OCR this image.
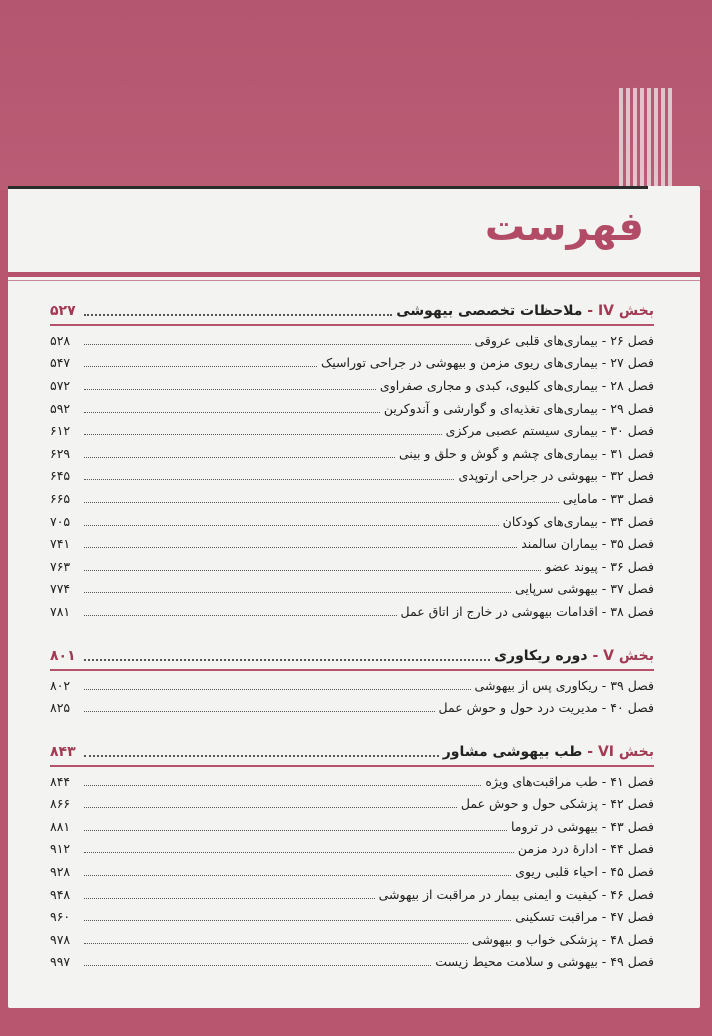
فهرست
بخش IV - ملاحظات تخصصی بیهوشی
۵۲۷
فصل ۲۶ - بیماری‌های قلبی عروقی
۵۲۸
فصل ۲۷ - بیماری‌های ریوی مزمن و بیهوشی در جراحی توراسیک
۵۴۷
فصل ۲۸ - بیماری‌های کلیوی، کبدی و مجاری صفراوی
۵۷۲
فصل ۲۹ - بیماری‌های تغذیه‌ای و گوارشی و آندوکرین
۵۹۲
فصل ۳۰ - بیماری سیستم عصبی مرکزی
۶۱۲
فصل ۳۱ - بیماری‌های چشم و گوش و حلق و بینی
۶۲۹
فصل ۳۲ - بیهوشی در جراحی ارتوپدی
۶۴۵
فصل ۳۳ - مامایی
۶۶۵
فصل ۳۴ - بیماری‌های کودکان
۷۰۵
فصل ۳۵ - بیماران سالمند
۷۴۱
فصل ۳۶ - پیوند عضو
۷۶۳
فصل ۳۷ - بیهوشی سرپایی
۷۷۴
فصل ۳۸ - اقدامات بیهوشی در خارج از اتاق عمل
۷۸۱
بخش V - دوره ریکاوری
۸۰۱
فصل ۳۹ - ریکاوری پس از بیهوشی
۸۰۲
فصل ۴۰ - مدیریت درد حول و حوش عمل
۸۲۵
بخش VI - طب بیهوشی مشاور
۸۴۳
فصل ۴۱ - طب مراقبت‌های ویژه
۸۴۴
فصل ۴۲ - پزشکی حول و حوش عمل
۸۶۶
فصل ۴۳ - بیهوشی در تروما
۸۸۱
فصل ۴۴ - ادارهٔ درد مزمن
۹۱۲
فصل ۴۵ - احیاء قلبی ریوی
۹۲۸
فصل ۴۶ - کیفیت و ایمنی بیمار در مراقبت از بیهوشی
۹۴۸
فصل ۴۷ - مراقبت تسکینی
۹۶۰
فصل ۴۸ - پزشکی خواب و بیهوشی
۹۷۸
فصل ۴۹ - بیهوشی و سلامت محیط زیست
۹۹۷
